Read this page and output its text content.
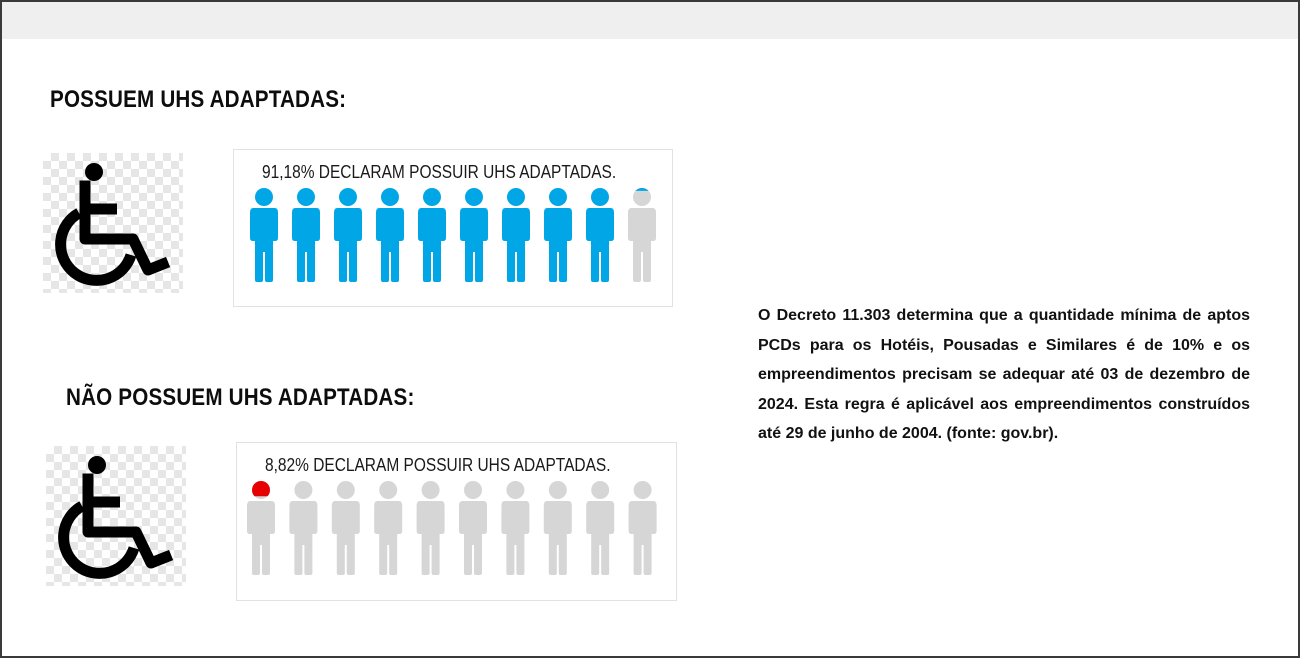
POSSUEM UHS ADAPTADAS:
91,18% DECLARAM POSSUIR UHS ADAPTADAS.
NÃO POSSUEM UHS ADAPTADAS:
8,82% DECLARAM POSSUIR UHS ADAPTADAS.
O Decreto 11.303 determina que a quantidade mínima de aptos PCDs para os Hotéis, Pousadas e Similares é de 10% e os empreendimentos precisam se adequar até 03 de dezembro de 2024. Esta regra é aplicável aos empreendimentos construídos até 29 de junho de 2004. (fonte: gov.br).
